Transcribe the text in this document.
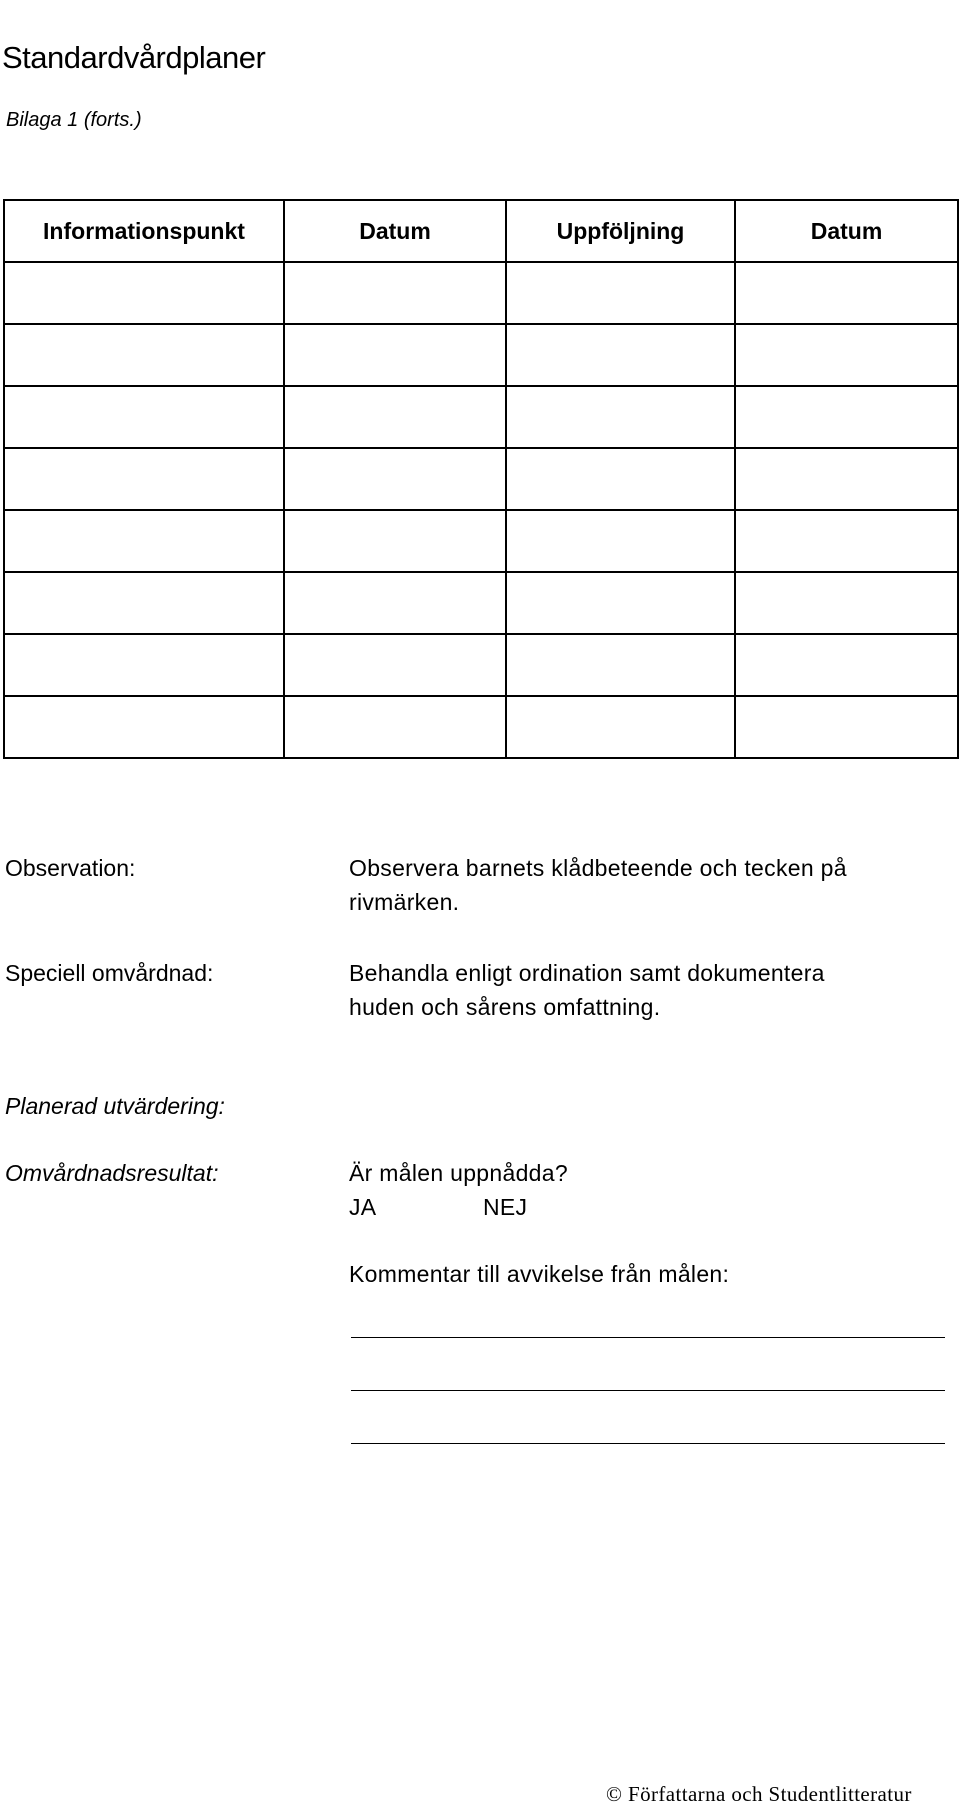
Standardvårdplaner
Bilaga 1 (forts.)
Informationspunkt	Datum	Uppföljning	Datum

Observation:	Observera barnets klådbeteende och tecken på
rivmärken.
Speciell omvårdnad:	Behandla enligt ordination samt dokumentera
huden och sårens omfattning.
Planerad utvärdering:
Omvårdnadsresultat:	Är målen uppnådda?
JA	NEJ
Kommentar till avvikelse från målen:
© Författarna och Studentlitteratur
